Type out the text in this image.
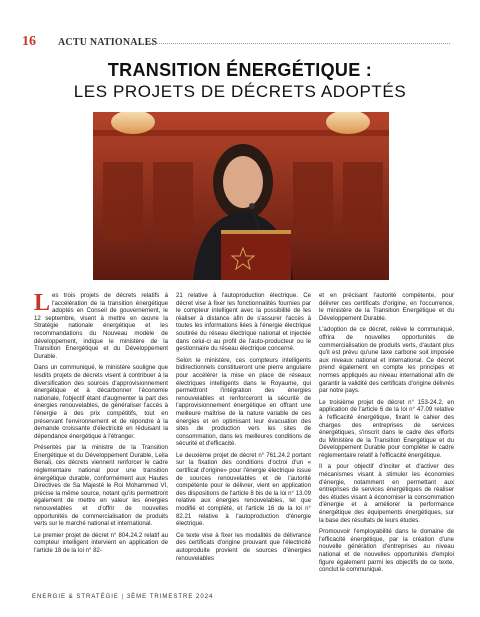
16 ACTU NATIONALES
TRANSITION ÉNERGÉTIQUE :
LES PROJETS DE DÉCRETS ADOPTÉS

Les trois projets de décrets relatifs à l'accélération de la transition énergétique adoptés en Conseil de gouvernement, le 12 septembre, visent à mettre en œuvre la Stratégie nationale énergétique et les recommandations du Nouveau modèle de développement, indique le ministère de la Transition Energétique et du Développement Durable.

Dans un communiqué, le ministère souligne que lesdits projets de décrets visent à contribuer à la diversification des sources d'approvisionnement énergétique et à décarbonner l'économie nationale, l'objectif étant d'augmenter la part des énergies renouvelables, de généraliser l'accès à l'énergie à des prix compétitifs, tout en préservant l'environnement et de répondre à la demande croissante d'électricité en réduisant la dépendance énergétique à l'étranger.

Présentés par la ministre de la Transition Energétique et du Développement Durable, Leila Benali, ces décrets viennent renforcer le cadre réglementaire national pour une transition énergétique durable, conformément aux Hautes Directives de Sa Majesté le Roi Mohammed VI, précise la même source, notant qu'ils permettront également de mettre en valeur les énergies renouvelables et d'offrir de nouvelles opportunités de commercialisation de produits verts sur le marché national et international.

Le premier projet de décret n° 804.24.2 relatif au compteur intelligent intervient en application de l'article 18 de la loi n° 82-

21 relative à l'autoproduction électrique. Ce décret vise à fixer les fonctionnalités fournies par le compteur intelligent avec la possibilité de les réaliser à distance afin de s'assurer l'accès à toutes les informations liées à l'énergie électrique soutirée du réseau électrique national et injectée dans celui-ci au profit de l'auto-producteur ou le gestionnaire du réseau électrique concerné.

Selon le ministère, ces compteurs intelligents bidirectionnels constitueront une pierre angulaire pour accélérer la mise en place de réseaux électriques intelligents dans le Royaume, qui permettront l'intégration des énergies renouvelables et renforceront la sécurité de l'approvisionnement énergétique en offrant une meilleure maîtrise de la nature variable de ces énergies et en optimisant leur évacuation des sites de production vers les sites de consommation, dans les meilleures conditions de sécurité et d'efficacité.

Le deuxième projet de décret n° 761.24.2 portant sur la fixation des conditions d'octroi d'un « certificat d'origine» pour l'énergie électrique issue de sources renouvelables et de l'autorité compétente pour le délivrer, vient en application des dispositions de l'article 8 bis de la loi n° 13.09 relative aux énergies renouvelables, tel que modifié et complété, et l'article 16 de la loi n° 82.21 relative à l'autoproduction d'énergie électrique.

Ce texte vise à fixer les modalités de délivrance des certificats d'origine prouvant que l'électricité autoproduite provient de sources d'énergies renouvelables

et en précisant l'autorité compétente, pour délivrer ces certificats d'origine, en l'occurrence, le ministère de la Transition Energétique et du Développement Durable.

L'adoption de ce décret, relève le communiqué, offrira de nouvelles opportunités de commercialisation de produits verts, d'autant plus qu'il est prévu qu'une taxe carbone soit imposée aux niveaux national et international. Ce décret prend également en compte les principes et normes appliqués au niveau international afin de garantir la validité des certificats d'origine délivrés par notre pays.

Le troisième projet de décret n° 153-24.2, en application de l'article 6 de la loi n° 47.09 relative à l'efficacité énergétique, fixant le cahier des charges des entreprises de services énergétiques, s'inscrit dans le cadre des efforts du Ministère de la Transition Energétique et du Développement Durable pour compléter le cadre réglementaire relatif à l'efficacité énergétique.

Il a pour objectif d'inciter et d'activer des mécanismes visant à stimuler les économies d'énergie, notamment en permettant aux entreprises de services énergétiques de réaliser des études visant à économiser la consommation d'énergie et à améliorer la performance énergétique des équipements énergétiques, sur la base des résultats de leurs études.

Promouvoir l'employabilité dans le domaine de l'efficacité énergétique, par la création d'une nouvelle génération d'entreprises au niveau national et de nouvelles opportunités d'emploi figure également parmi les objectifs de ce texte, conclut le communiqué.

ENERGIE & STRATÉGIE | 3ÈME TRIMESTRE 2024
